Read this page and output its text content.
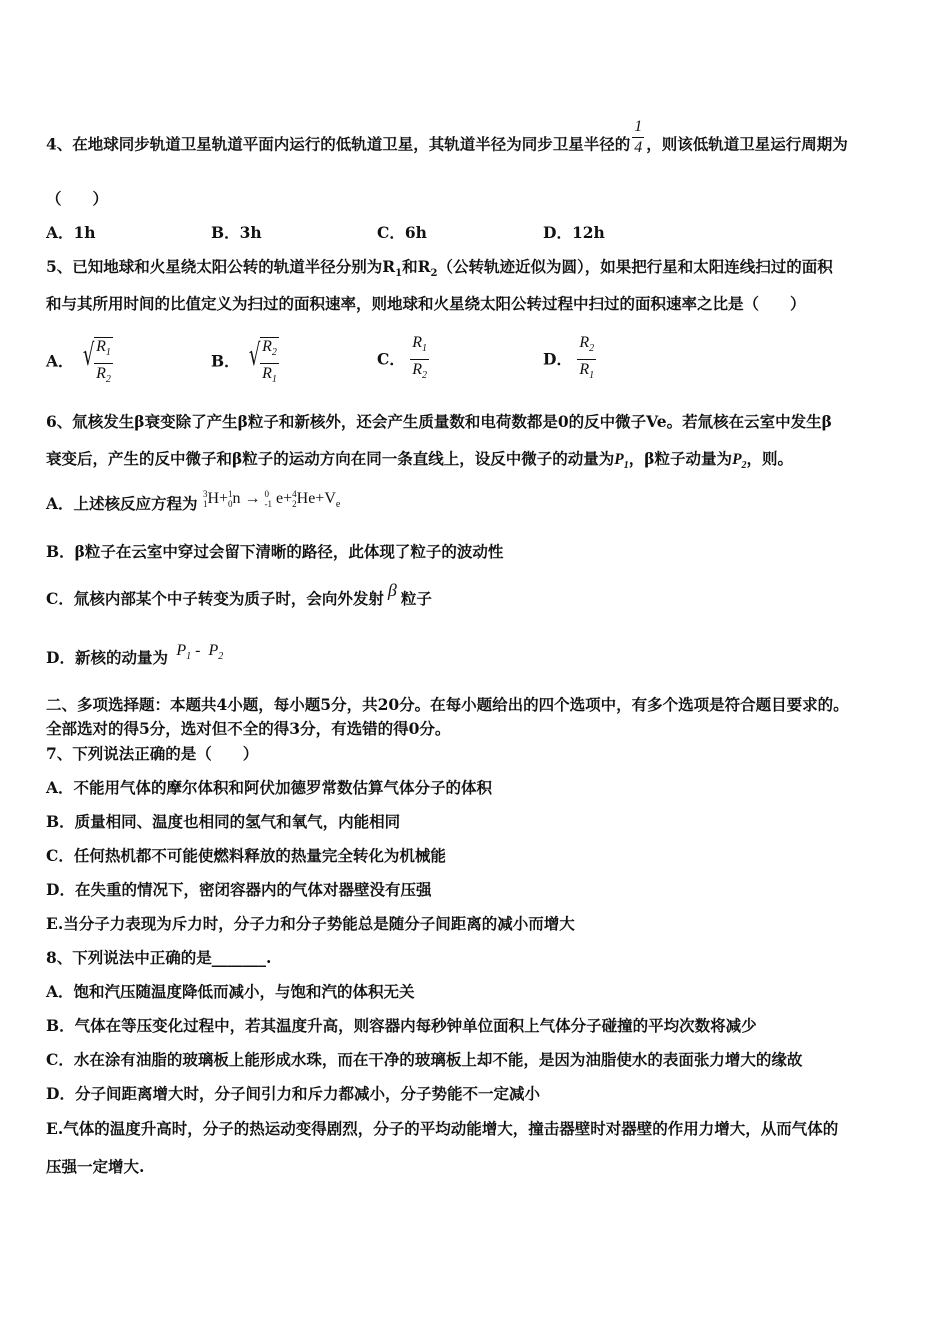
4、在地球同步轨道卫星轨道平面内运行的低轨道卫星，其轨道半径为同步卫星半径的 $\frac{1}{4}$ ，则该低轨道卫星运行周期为
（　　）
A．1h	B．3h	C．6h	D．12h
5、已知地球和火星绕太阳公转的轨道半径分别为$R_1$和$R_2$（公转轨迹近似为圆），如果把行星和太阳连线扫过的面积
和与其所用时间的比值定义为扫过的面积速率，则地球和火星绕太阳公转过程中扫过的面积速率之比是（　　）
A． √ $\frac{R_1}{R_2}$	B． √ $\frac{R_2}{R_1}$	C． $\frac{R_1}{R_2}$	D． $\frac{R_2}{R_1}$
6、氚核发生β衰变除了产生β粒子和新核外，还会产生质量数和电荷数都是0的反中微子Ve。若氚核在云室中发生β
衰变后，产生的反中微子和β粒子的运动方向在同一条直线上，设反中微子的动量为$P_1$，β粒子动量为$P_2$，则。
A．上述核反应方程为 3
1 H+ 1
0 n → 0
-1 e+ 4
2 $He+V_e$
B．β粒子在云室中穿过会留下清晰的路径，此体现了粒子的波动性
C．氚核内部某个中子转变为质子时，会向外发射 β 粒子
D．新核的动量为 $P_1 - P_2$
二、多项选择题：本题共4小题，每小题5分，共20分。在每小题给出的四个选项中，有多个选项是符合题目要求的。
全部选对的得5分，选对但不全的得3分，有选错的得0分。
7、下列说法正确的是（　　）
A．不能用气体的摩尔体积和阿伏加德罗常数估算气体分子的体积
B．质量相同、温度也相同的氢气和氧气，内能相同
C．任何热机都不可能使燃料释放的热量完全转化为机械能
D．在失重的情况下，密闭容器内的气体对器壁没有压强
E.当分子力表现为斥力时，分子力和分子势能总是随分子间距离的减小而增大
8、下列说法中正确的是_______.
A．饱和汽压随温度降低而减小，与饱和汽的体积无关
B．气体在等压变化过程中，若其温度升高，则容器内每秒钟单位面积上气体分子碰撞的平均次数将减少
C．水在涂有油脂的玻璃板上能形成水珠，而在干净的玻璃板上却不能，是因为油脂使水的表面张力增大的缘故
D．分子间距离增大时，分子间引力和斥力都减小，分子势能不一定减小
E.气体的温度升高时，分子的热运动变得剧烈，分子的平均动能增大，撞击器壁时对器壁的作用力增大，从而气体的
压强一定增大.
